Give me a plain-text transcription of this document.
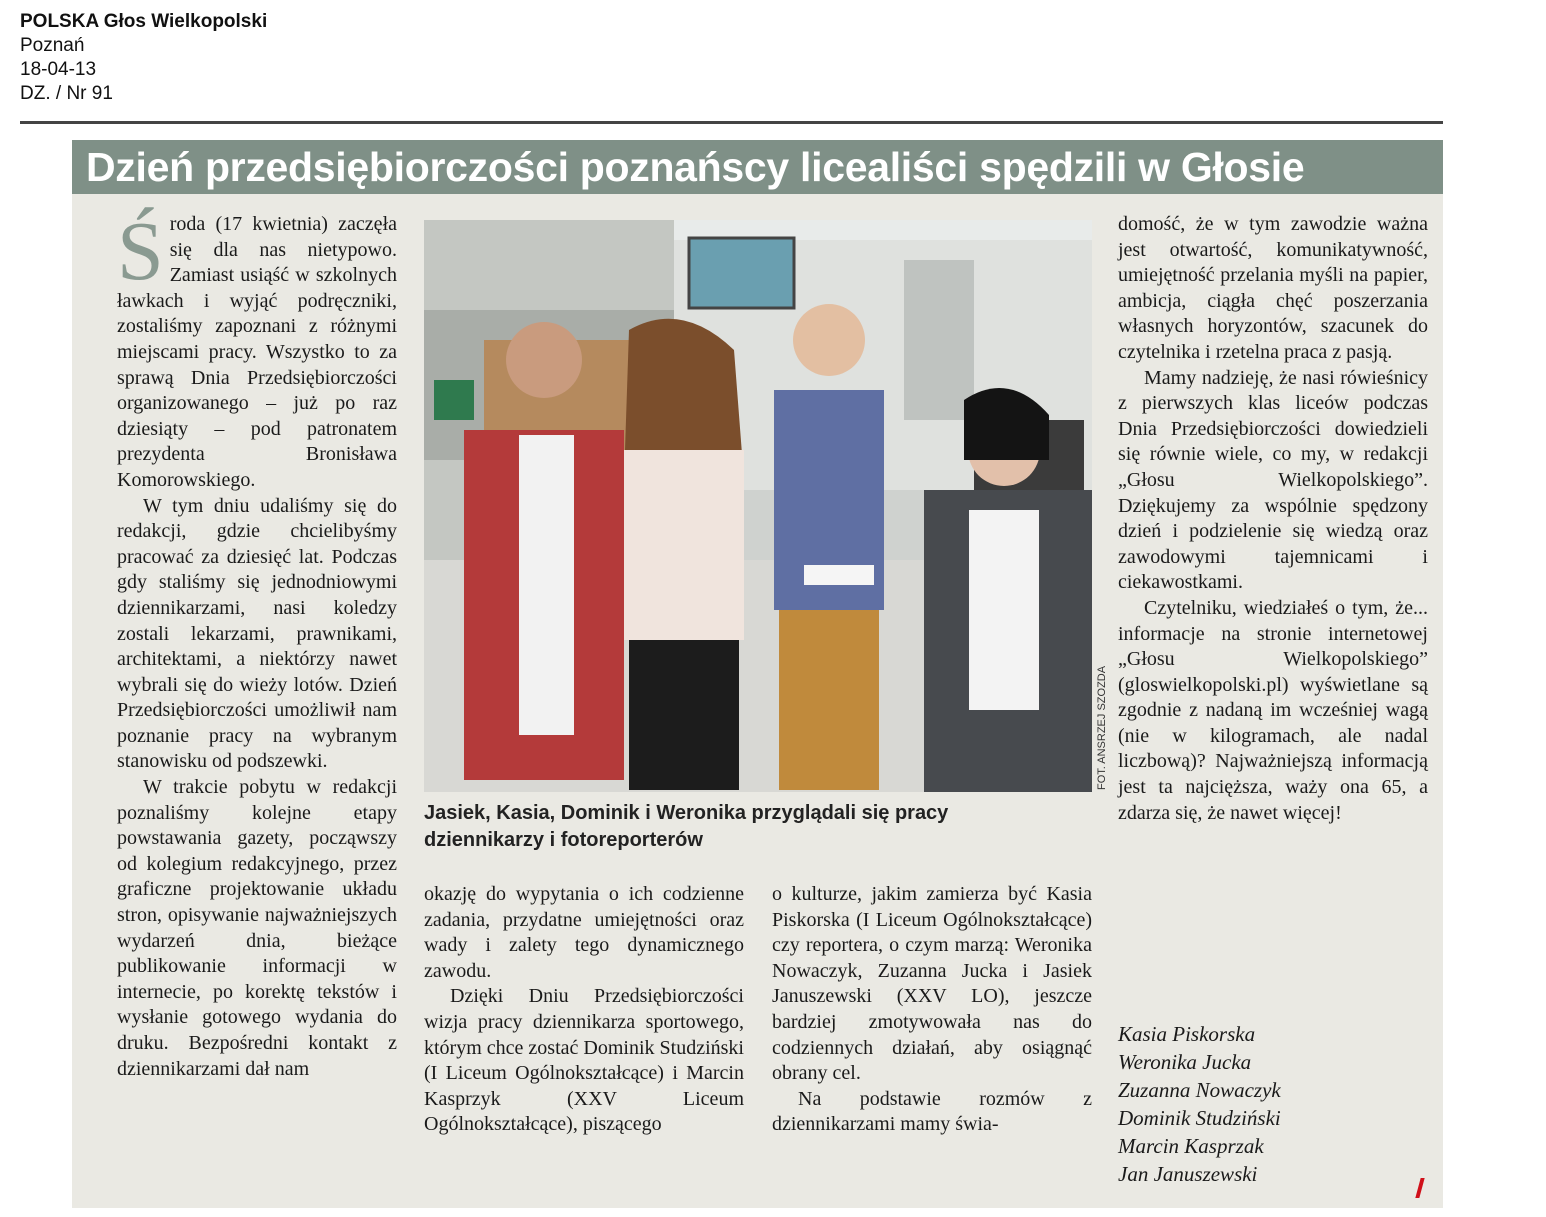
POLSKA Głos Wielkopolski
Poznań
18-04-13
DZ. / Nr 91
Dzień przedsiębiorczości poznańscy licealiści spędzili w Głosie

Środa (17 kwietnia) zaczęła się dla nas nietypowo. Zamiast usiąść w szkolnych ławkach i wyjąć podręczniki, zostaliśmy zapoznani z różnymi miejscami pracy. Wszystko to za sprawą Dnia Przedsiębiorczości organizowanego – już po raz dziesiąty – pod patronatem prezydenta Bronisława Komorowskiego.

W tym dniu udaliśmy się do redakcji, gdzie chcielibyśmy pracować za dziesięć lat. Podczas gdy staliśmy się jednodniowymi dziennikarzami, nasi koledzy zostali lekarzami, prawnikami, architektami, a niektórzy nawet wybrali się do wieży lotów. Dzień Przedsiębiorczości umożliwił nam poznanie pracy na wybranym stanowisku od podszewki.

W trakcie pobytu w redakcji poznaliśmy kolejne etapy powstawania gazety, począwszy od kolegium redakcyjnego, przez graficzne projektowanie układu stron, opisywanie najważniejszych wydarzeń dnia, bieżące publikowanie informacji w internecie, po korektę tekstów i wysłanie gotowego wydania do druku. Bezpośredni kontakt z dziennikarzami dał nam

FOT. ANSRZEJ SZOZDA
Jasiek, Kasia, Dominik i Weronika przyglądali się pracy dziennikarzy i fotoreporterów

okazję do wypytania o ich codzienne zadania, przydatne umiejętności oraz wady i zalety tego dynamicznego zawodu.

Dzięki Dniu Przedsiębiorczości wizja pracy dziennikarza sportowego, którym chce zostać Dominik Studziński (I Liceum Ogólnokształcące) i Marcin Kasprzyk (XXV Liceum Ogólnokształcące), piszącego

o kulturze, jakim zamierza być Kasia Piskorska (I Liceum Ogólnokształcące) czy reportera, o czym marzą: Weronika Nowaczyk, Zuzanna Jucka i Jasiek Januszewski (XXV LO), jeszcze bardziej zmotywowała nas do codziennych działań, aby osiągnąć obrany cel.

Na podstawie rozmów z dziennikarzami mamy świa-

domość, że w tym zawodzie ważna jest otwartość, komunikatywność, umiejętność przelania myśli na papier, ambicja, ciągła chęć poszerzania własnych horyzontów, szacunek do czytelnika i rzetelna praca z pasją.

Mamy nadzieję, że nasi rówieśnicy z pierwszych klas liceów podczas Dnia Przedsiębiorczości dowiedzieli się równie wiele, co my, w redakcji „Głosu Wielkopolskiego”. Dziękujemy za wspólnie spędzony dzień i podzielenie się wiedzą oraz zawodowymi tajemnicami i ciekawostkami.

Czytelniku, wiedziałeś o tym, że... informacje na stronie internetowej „Głosu Wielkopolskiego” (gloswielkopolski.pl) wyświetlane są zgodnie z nadaną im wcześniej wagą (nie w kilogramach, ale nadal liczbową)? Najważniejszą informacją jest ta najcięższa, waży ona 65, a zdarza się, że nawet więcej!

Kasia Piskorska
Weronika Jucka
Zuzanna Nowaczyk
Dominik Studziński
Marcin Kasprzak
Jan Januszewski
